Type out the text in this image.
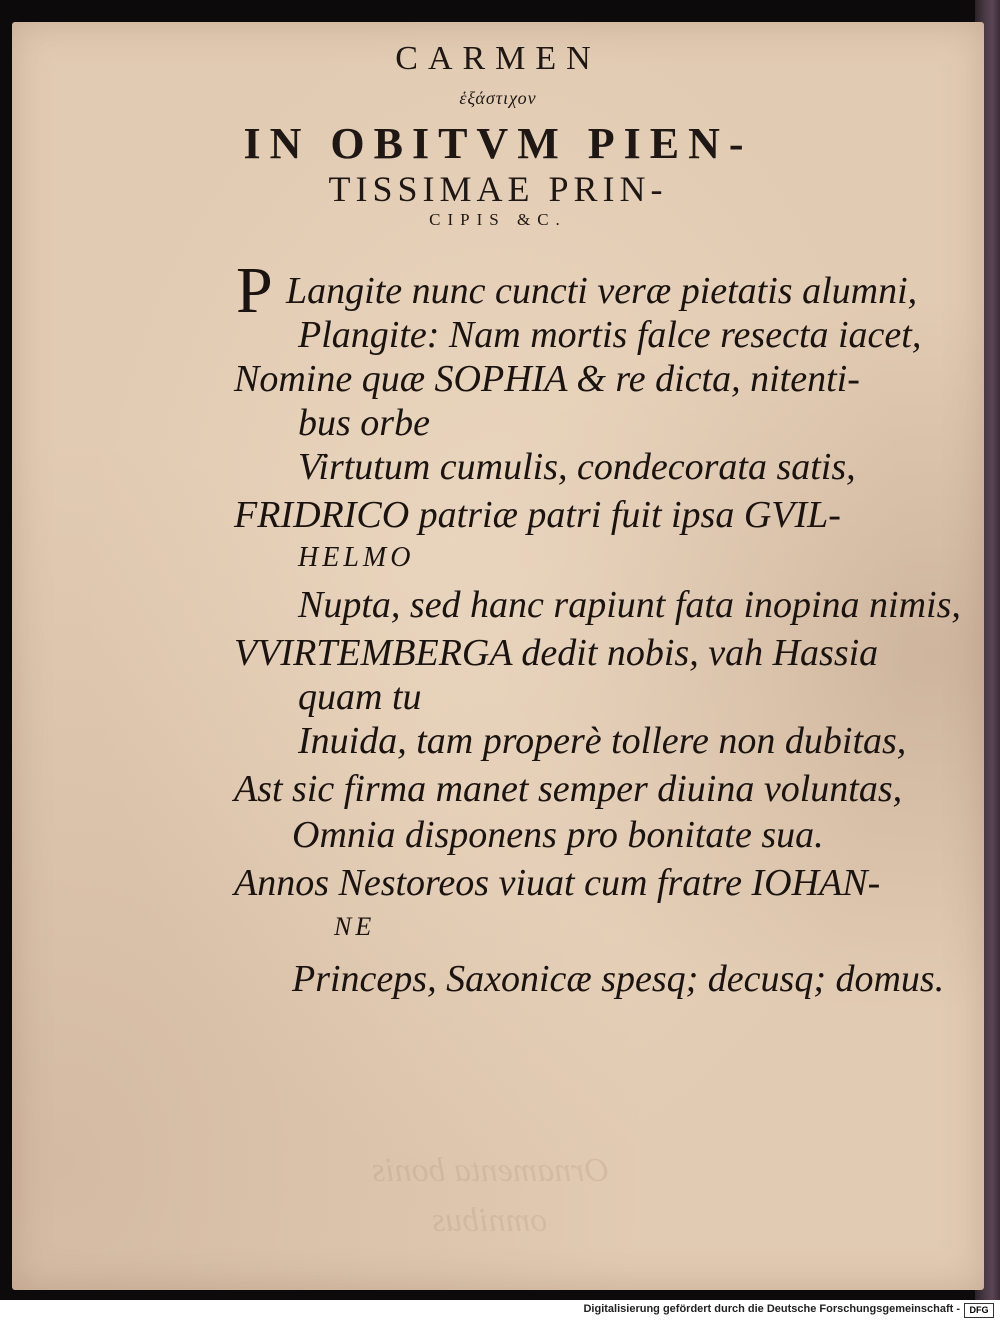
Ornamenta bonis
omnibus
CARMEN
ἑξάστιχον
IN OBITVM PIEN-
TISSIMAE PRIN-
CIPIS &C.
P Langite nunc cuncti veræ pietatis alumni,
Plangite: Nam mortis falce resecta iacet,
Nomine quæ SOPHIA & re dicta, nitenti-
bus orbe
Virtutum cumulis, condecorata satis,
FRIDRICO patriæ patri fuit ipsa GVIL-
HELMO
Nupta, sed hanc rapiunt fata inopina nimis,
VVIRTEMBERGA dedit nobis, vah Hassia
quam tu
Inuida, tam properè tollere non dubitas,
Ast sic firma manet semper diuina voluntas,
Omnia disponens pro bonitate sua.
Annos Nestoreos viuat cum fratre IOHAN-
NE
Princeps, Saxonicæ spesq; decusq; domus.
Digitalisierung gefördert durch die Deutsche Forschungsgemeinschaft -	DFG
